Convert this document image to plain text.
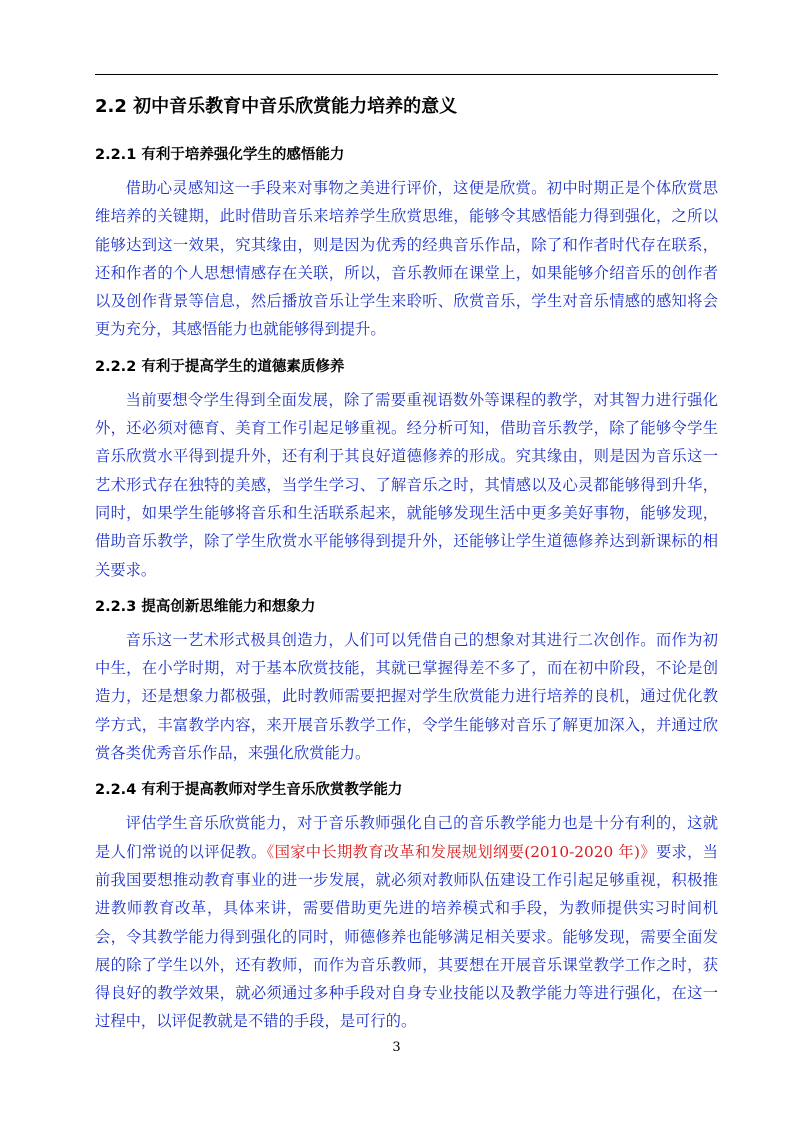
2.2 初中音乐教育中音乐欣赏能力培养的意义
2.2.1 有利于培养强化学生的感悟能力

借助心灵感知这一手段来对事物之美进行评价，这便是欣赏。初中时期正是个体欣赏思维培养的关键期，此时借助音乐来培养学生欣赏思维，能够令其感悟能力得到强化，之所以能够达到这一效果，究其缘由，则是因为优秀的经典音乐作品，除了和作者时代存在联系，还和作者的个人思想情感存在关联，所以，音乐教师在课堂上，如果能够介绍音乐的创作者以及创作背景等信息，然后播放音乐让学生来聆听、欣赏音乐，学生对音乐情感的感知将会更为充分，其感悟能力也就能够得到提升。

2.2.2 有利于提高学生的道德素质修养

当前要想令学生得到全面发展，除了需要重视语数外等课程的教学，对其智力进行强化外，还必须对德育、美育工作引起足够重视。经分析可知，借助音乐教学，除了能够令学生音乐欣赏水平得到提升外，还有利于其良好道德修养的形成。究其缘由，则是因为音乐这一艺术形式存在独特的美感，当学生学习、了解音乐之时，其情感以及心灵都能够得到升华，同时，如果学生能够将音乐和生活联系起来，就能够发现生活中更多美好事物，能够发现，借助音乐教学，除了学生欣赏水平能够得到提升外，还能够让学生道德修养达到新课标的相关要求。

2.2.3 提高创新思维能力和想象力

音乐这一艺术形式极具创造力，人们可以凭借自己的想象对其进行二次创作。而作为初中生，在小学时期，对于基本欣赏技能，其就已掌握得差不多了，而在初中阶段，不论是创造力，还是想象力都极强，此时教师需要把握对学生欣赏能力进行培养的良机，通过优化教学方式，丰富教学内容，来开展音乐教学工作，令学生能够对音乐了解更加深入，并通过欣赏各类优秀音乐作品，来强化欣赏能力。

2.2.4 有利于提高教师对学生音乐欣赏教学能力

评估学生音乐欣赏能力，对于音乐教师强化自己的音乐教学能力也是十分有利的，这就是人们常说的以评促教。《国家中长期教育改革和发展规划纲要(2010-2020 年)》要求，当前我国要想推动教育事业的进一步发展，就必须对教师队伍建设工作引起足够重视，积极推进教师教育改革，具体来讲，需要借助更先进的培养模式和手段，为教师提供实习时间机会，令其教学能力得到强化的同时，师德修养也能够满足相关要求。能够发现，需要全面发展的除了学生以外，还有教师，而作为音乐教师，其要想在开展音乐课堂教学工作之时，获得良好的教学效果，就必须通过多种手段对自身专业技能以及教学能力等进行强化，在这一过程中，以评促教就是不错的手段，是可行的。

3
